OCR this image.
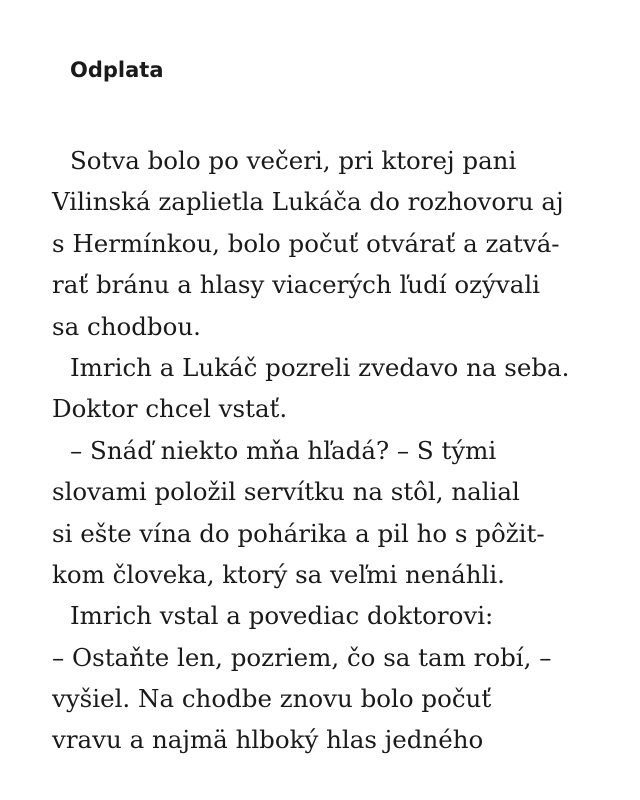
Odplata
Sotva bolo po večeri, pri ktorej pani
Vilinská zaplietla Lukáča do rozhovoru aj
s Hermínkou, bolo počuť otvárať a zatvá-
rať bránu a hlasy viacerých ľudí ozývali
sa chodbou.
Imrich a Lukáč pozreli zvedavo na seba.
Doktor chcel vstať.
– Snáď niekto mňa hľadá? – S tými
slovami položil servítku na stôl, nalial
si ešte vína do pohárika a pil ho s pôžit-
kom človeka, ktorý sa veľmi nenáhli.
Imrich vstal a povediac doktorovi:
– Ostaňte len, pozriem, čo sa tam robí, –
vyšiel. Na chodbe znovu bolo počuť
vravu a najmä hlboký hlas jedného
